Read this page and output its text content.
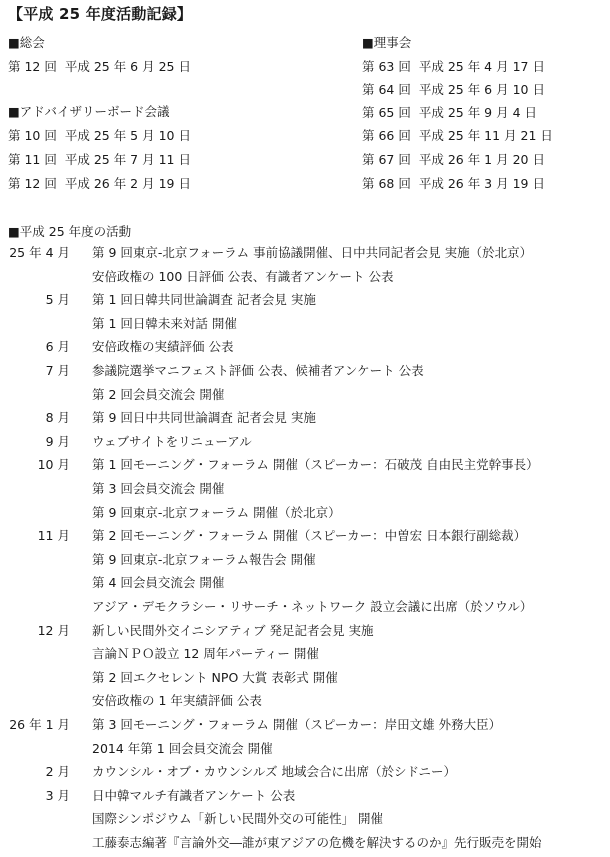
【平成 25 年度活動記録】
■総会
第 12 回 平成 25 年 6 月 25 日
■アドバイザリーボード会議
第 10 回 平成 25 年 5 月 10 日
第 11 回 平成 25 年 7 月 11 日
第 12 回 平成 26 年 2 月 19 日
■理事会
第 63 回 平成 25 年 4 月 17 日
第 64 回 平成 25 年 6 月 10 日
第 65 回 平成 25 年 9 月 4 日
第 66 回 平成 25 年 11 月 21 日
第 67 回 平成 26 年 1 月 20 日
第 68 回 平成 26 年 3 月 19 日
■平成 25 年度の活動
25 年 4 月 第 9 回東京-北京フォーラム 事前協議開催、日中共同記者会見 実施（於北京）
安倍政権の 100 日評価 公表、有識者アンケート 公表
5 月 第 1 回日韓共同世論調査 記者会見 実施
第 1 回日韓未来対話 開催
6 月 安倍政権の実績評価 公表
7 月 参議院選挙マニフェスト評価 公表、候補者アンケート 公表
第 2 回会員交流会 開催
8 月 第 9 回日中共同世論調査 記者会見 実施
9 月 ウェブサイトをリニューアル
10 月 第 1 回モーニング・フォーラム 開催（スピーカー：石破茂 自由民主党幹事長）
第 3 回会員交流会 開催
第 9 回東京-北京フォーラム 開催（於北京）
11 月 第 2 回モーニング・フォーラム 開催（スピーカー：中曽宏 日本銀行副総裁）
第 9 回東京-北京フォーラム報告会 開催
第 4 回会員交流会 開催
アジア・デモクラシー・リサーチ・ネットワーク 設立会議に出席（於ソウル）
12 月 新しい民間外交イニシアティブ 発足記者会見 実施
言論ＮＰＯ設立 12 周年パーティー 開催
第 2 回エクセレント NPO 大賞 表彰式 開催
安倍政権の 1 年実績評価 公表
26 年 1 月 第 3 回モーニング・フォーラム 開催（スピーカー：岸田文雄 外務大臣）
2014 年第 1 回会員交流会 開催
2 月 カウンシル・オブ・カウンシルズ 地域会合に出席（於シドニー）
3 月 日中韓マルチ有識者アンケート 公表
国際シンポジウム「新しい民間外交の可能性」 開催
工藤泰志編著『言論外交―誰が東アジアの危機を解決するのか』先行販売を開始
